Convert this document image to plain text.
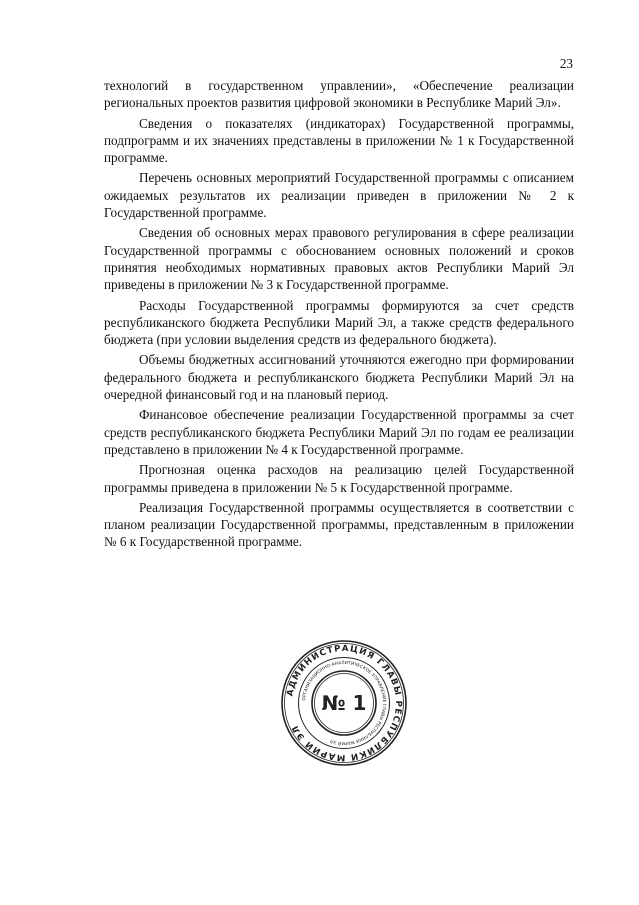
23

технологий в государственном управлении», «Обеспечение реализации региональных проектов развития цифровой экономики в Республике Марий Эл».

Сведения о показателях (индикаторах) Государственной программы, подпрограмм и их значениях представлены в приложении № 1 к Государственной программе.

Перечень основных мероприятий Государственной программы с описанием ожидаемых результатов их реализации приведен в приложении № 2 к Государственной программе.

Сведения об основных мерах правового регулирования в сфере реализации Государственной программы с обоснованием основных положений и сроков принятия необходимых нормативных правовых актов Республики Марий Эл приведены в приложении № 3 к Государственной программе.

Расходы Государственной программы формируются за счет средств республиканского бюджета Республики Марий Эл, а также средств федерального бюджета (при условии выделения средств из федерального бюджета).

Объемы бюджетных ассигнований уточняются ежегодно при формировании федерального бюджета и республиканского бюджета Республики Марий Эл на очередной финансовый год и на плановый период.

Финансовое обеспечение реализации Государственной программы за счет средств республиканского бюджета Республики Марий Эл по годам ее реализации представлено в приложении № 4 к Государственной программе.

Прогнозная оценка расходов на реализацию целей Государственной программы приведена в приложении № 5 к Государственной программе.

Реализация Государственной программы осуществляется в соответствии с планом реализации Государственной программы, представленным в приложении № 6 к Государственной программе.

АДМИНИСТРАЦИЯ ГЛАВЫ РЕСПУБЛИКИ МАРИЙ ЭЛ
ОРГАНИЗАЦИОННО-АНАЛИТИЧЕСКОЕ УПРАВЛЕНИЕ ГЛАВЫ РЕСПУБЛИКИ МАРИЙ ЭЛ
№ 1
